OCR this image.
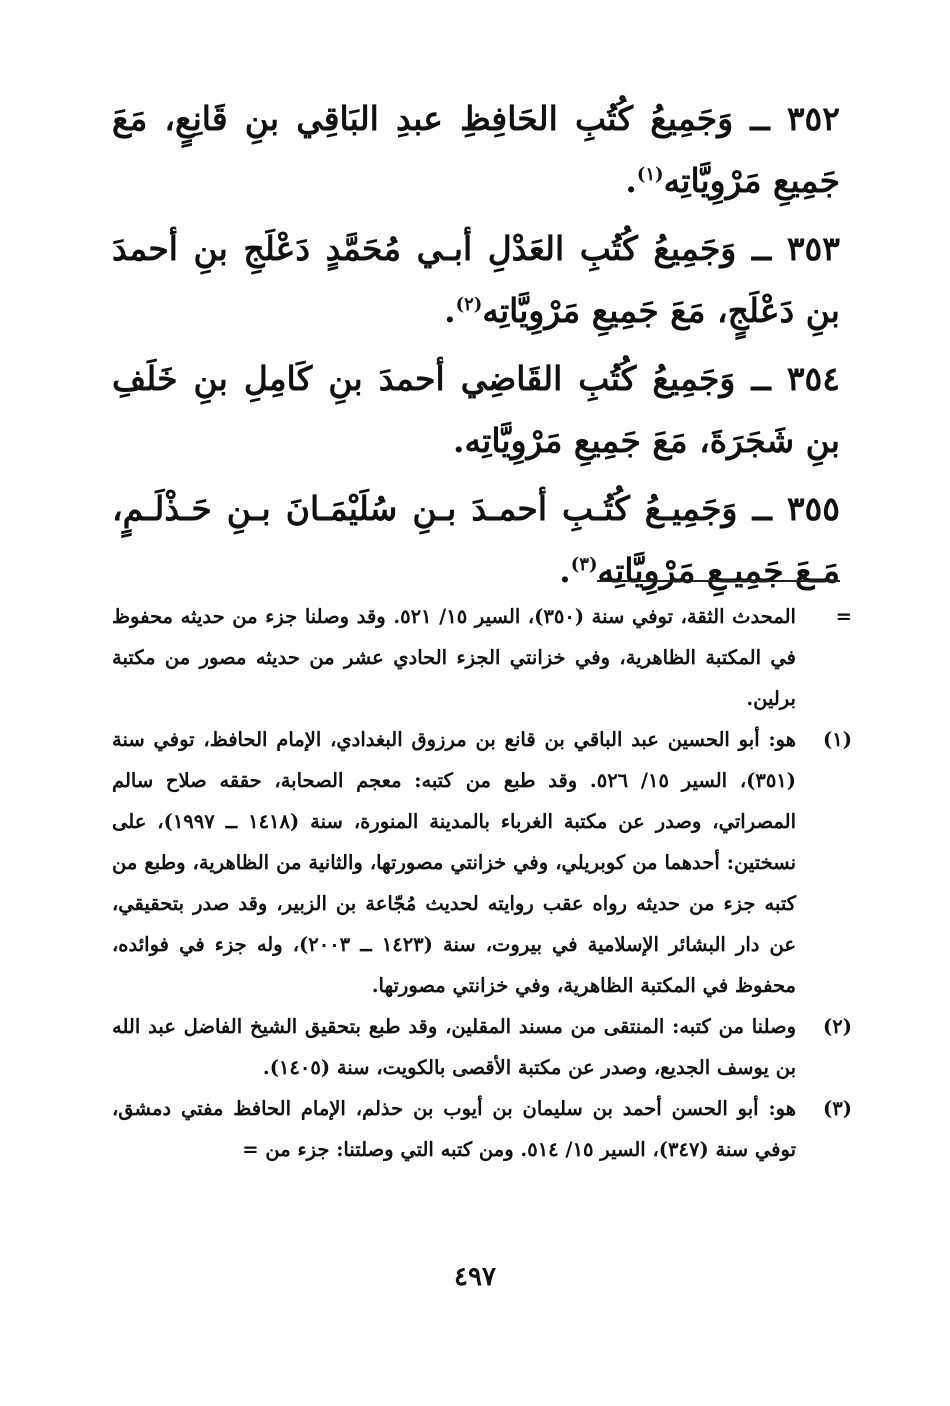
٣٥٢ ــ وَجَمِيعُ كُتُبِ الحَافِظِ عبدِ البَاقِي بنِ قَانِعٍ، مَعَ جَمِيعِ مَرْوِيَّاتِه$^{(١)}$.

٣٥٣ ــ وَجَمِيعُ كُتُبِ العَدْلِ أبـي مُحَمَّدٍ دَعْلَجِ بنِ أحمدَ بنِ دَعْلَجٍ، مَعَ جَمِيعِ مَرْوِيَّاتِه$^{(٢)}$.

٣٥٤ ــ وَجَمِيعُ كُتُبِ القَاضِي أحمدَ بنِ كَامِلِ بنِ خَلَفِ بنِ شَجَرَةَ، مَعَ جَمِيعِ مَرْوِيَّاتِه.

٣٥٥ ــ وَجَمِيـعُ كُتُـبِ أحمـدَ بـنِ سُلَيْمَـانَ بـنِ حَـذْلَـمٍ، مَـعَ جَمِيـعِ مَرْوِيَّاتِه$^{(٣)}$.

=
المحدث الثقة، توفي سنة (٣٥٠)، السير ١٥/ ٥٢١. وقد وصلنا جزء من حديثه محفوظ في المكتبة الظاهرية، وفي خزانتي الجزء الحادي عشر من حديثه مصور من مكتبة برلين.
(١)
هو: أبو الحسين عبد الباقي بن قانع بن مرزوق البغدادي، الإمام الحافظ، توفي سنة (٣٥١)، السير ١٥/ ٥٢٦. وقد طبع من كتبه: معجم الصحابة، حققه صلاح سالم المصراتي، وصدر عن مكتبة الغرباء بالمدينة المنورة، سنة (١٤١٨ ــ ١٩٩٧)، على نسختين: أحدهما من كوبريلي، وفي خزانتي مصورتها، والثانية من الظاهرية، وطبع من كتبه جزء من حديثه رواه عقب روايته لحديث مُجّاعة بن الزبير، وقد صدر بتحقيقي، عن دار البشائر الإسلامية في بيروت، سنة (١٤٢٣ ــ ٢٠٠٣)، وله جزء في فوائده، محفوظ في المكتبة الظاهرية، وفي خزانتي مصورتها.
(٢)
وصلنا من كتبه: المنتقى من مسند المقلين، وقد طبع بتحقيق الشيخ الفاضل عبد الله بن يوسف الجديع، وصدر عن مكتبة الأقصى بالكويت، سنة (١٤٠٥).
(٣)
هو: أبو الحسن أحمد بن سليمان بن أيوب بن حذلم، الإمام الحافظ مفتي دمشق، توفي سنة (٣٤٧)، السير ١٥/ ٥١٤. ومن كتبه التي وصلتنا: جزء من =
٤٩٧
